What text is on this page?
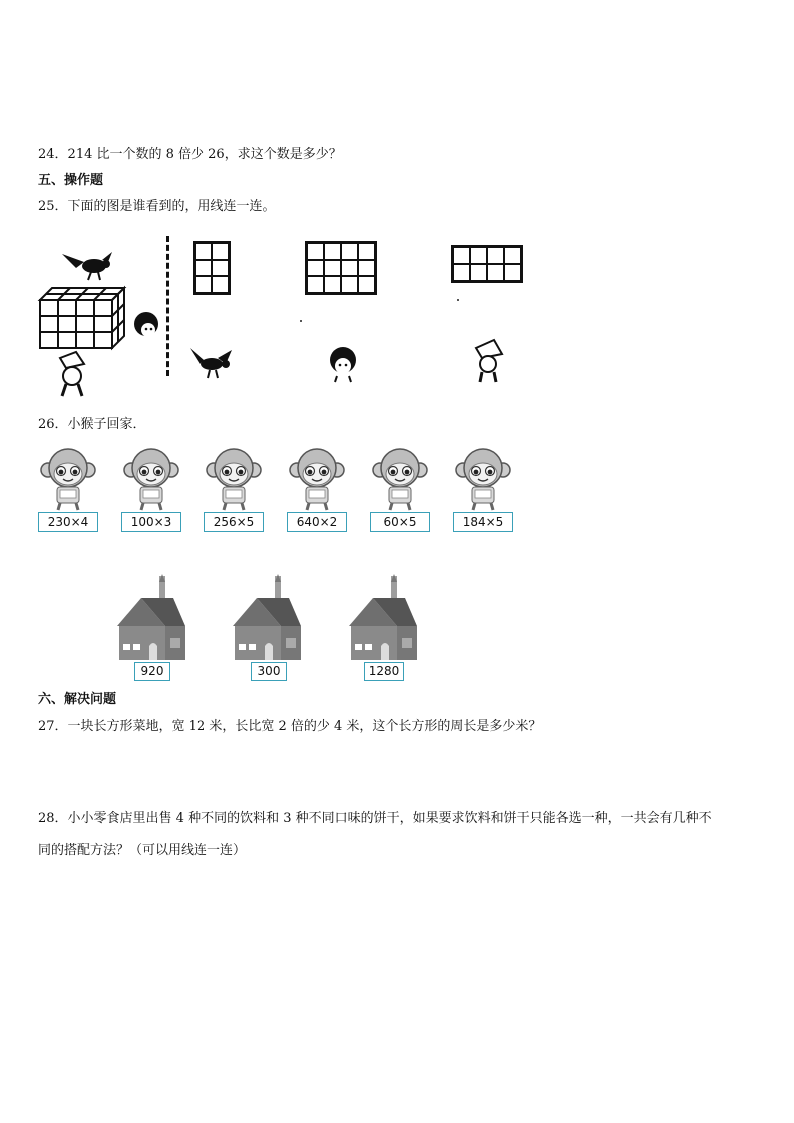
24．214 比一个数的 8 倍少 26，求这个数是多少？
五、操作题
25．下面的图是谁看到的，用线连一连。
26．小猴子回家．
230×4	100×3	256×5	640×2	60×5	184×5
920	300	1280
六、解决问题
27．一块长方形菜地，宽 12 米，长比宽 2 倍的少 4 米，这个长方形的周长是多少米？
28．小小零食店里出售 4 种不同的饮料和 3 种不同口味的饼干，如果要求饮料和饼干只能各选一种，一共会有几种不
同的搭配方法？（可以用线连一连）
